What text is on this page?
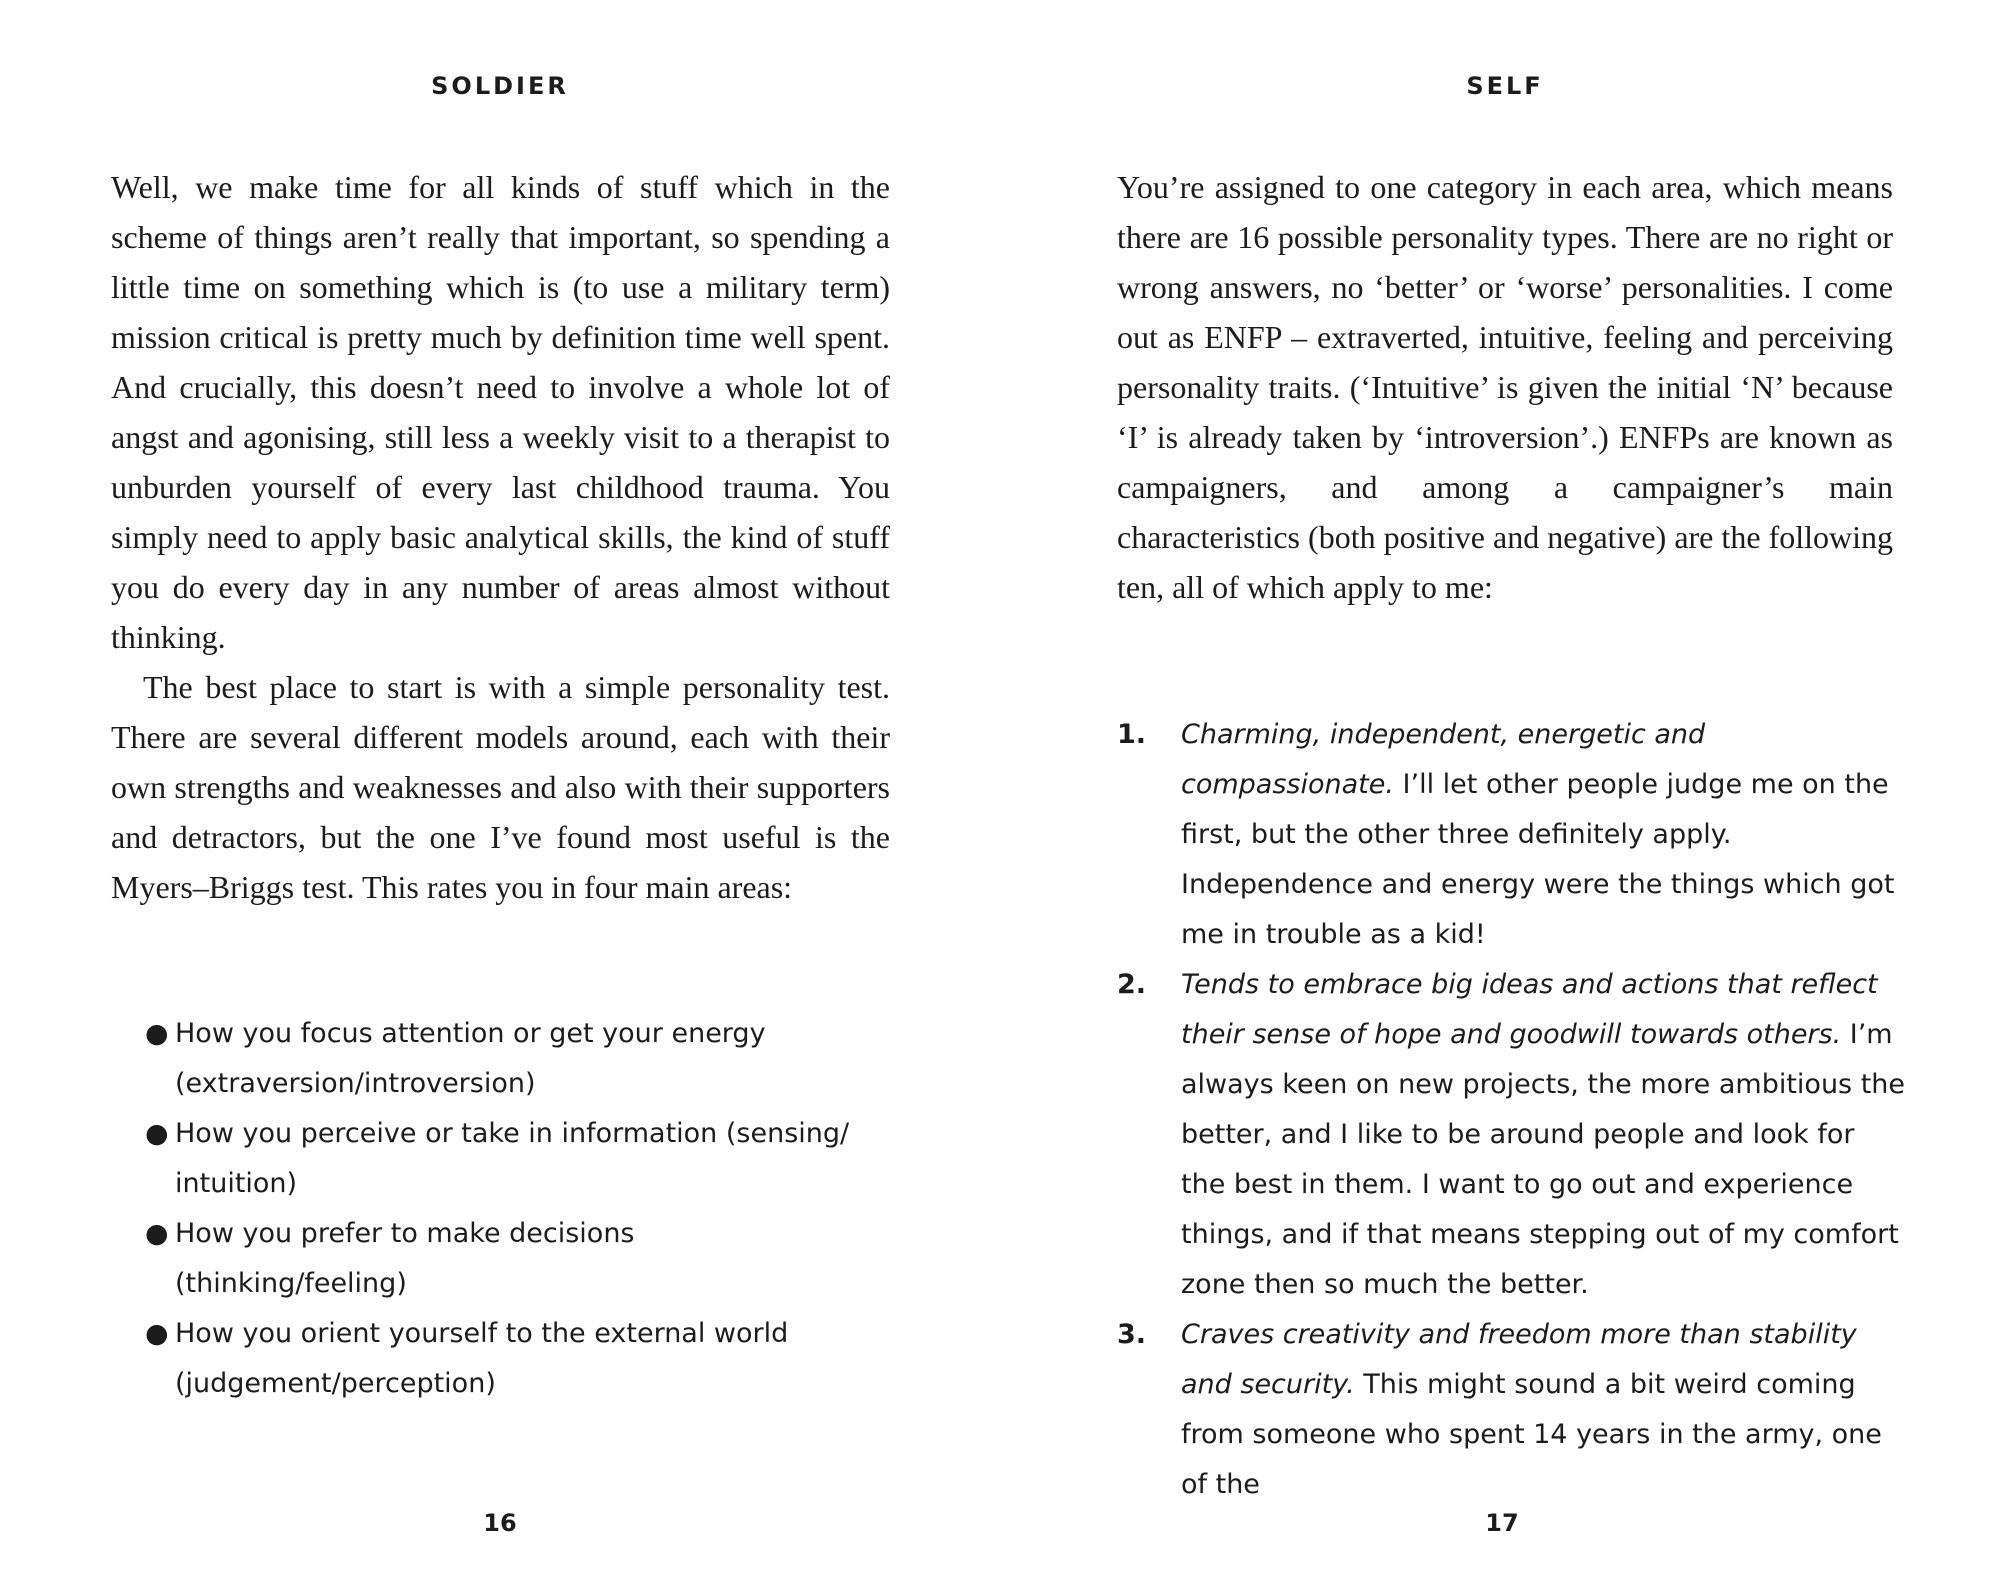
SOLDIER

Well, we make time for all kinds of stuff which in the scheme of things aren’t really that important, so spending a little time on something which is (to use a military term) mission critical is pretty much by definition time well spent. And crucially, this doesn’t need to involve a whole lot of angst and agonising, still less a weekly visit to a therapist to unburden yourself of every last childhood trauma. You simply need to apply basic analytical skills, the kind of stuff you do every day in any number of areas almost without thinking.

The best place to start is with a simple personality test. There are several different models around, each with their own strengths and weaknesses and also with their supporters and detractors, but the one I’ve found most useful is the Myers–Briggs test. This rates you in four main areas:

● How you focus attention or get your energy (extraversion/introversion)
● How you perceive or take in information (sensing/ intuition)
● How you prefer to make decisions (thinking/feeling)
● How you orient yourself to the external world (judgement/perception)
16
SELF

You’re assigned to one category in each area, which means there are 16 possible personality types. There are no right or wrong answers, no ‘better’ or ‘worse’ personalities. I come out as ENFP – extraverted, intuitive, feeling and perceiving personality traits. (‘Intuitive’ is given the initial ‘N’ because ‘I’ is already taken by ‘introversion’.) ENFPs are known as campaigners, and among a campaigner’s main characteristics (both positive and negative) are the following ten, all of which apply to me:

1. Charming, independent, energetic and compassionate. I’ll let other people judge me on the first, but the other three definitely apply. Independence and energy were the things which got me in trouble as a kid!
2. Tends to embrace big ideas and actions that reflect their sense of hope and goodwill towards others. I’m always keen on new projects, the more ambitious the better, and I like to be around people and look for the best in them. I want to go out and experience things, and if that means stepping out of my comfort zone then so much the better.
3. Craves creativity and freedom more than stability and security. This might sound a bit weird coming from someone who spent 14 years in the army, one of the
17
